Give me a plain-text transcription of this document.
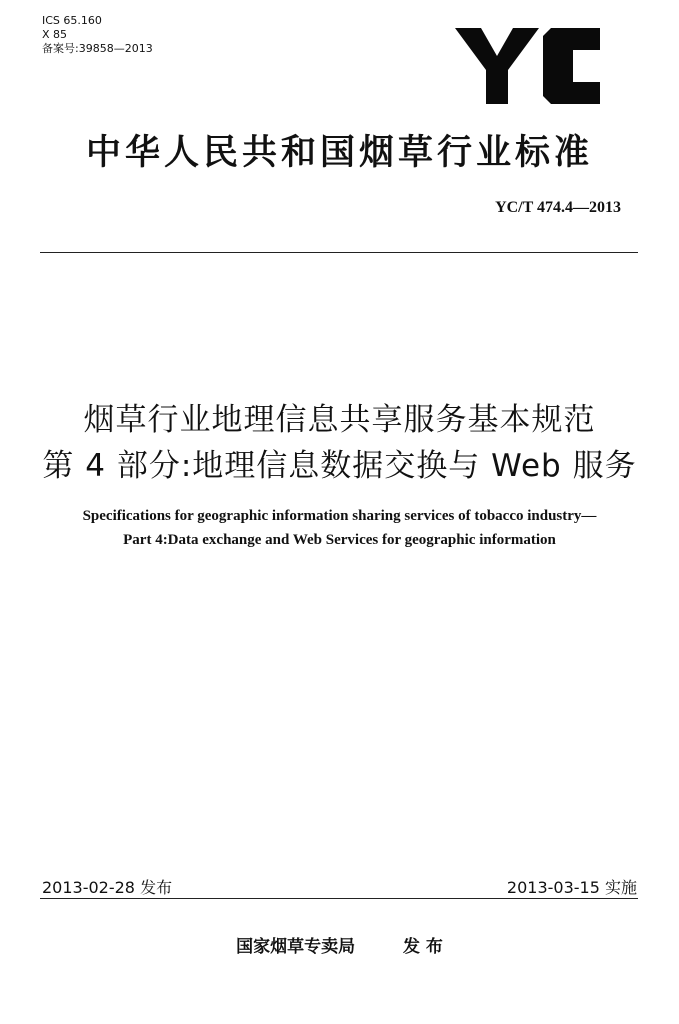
ICS 65.160
X 85
备案号:39858—2013
中华人民共和国烟草行业标准
YC/T 474.4—2013
烟草行业地理信息共享服务基本规范
第 4 部分:地理信息数据交换与 Web 服务
Specifications for geographic information sharing services of tobacco industry—
Part 4:Data exchange and Web Services for geographic information
2013-02-28 发布	2013-03-15 实施
国家烟草专卖局	发 布
